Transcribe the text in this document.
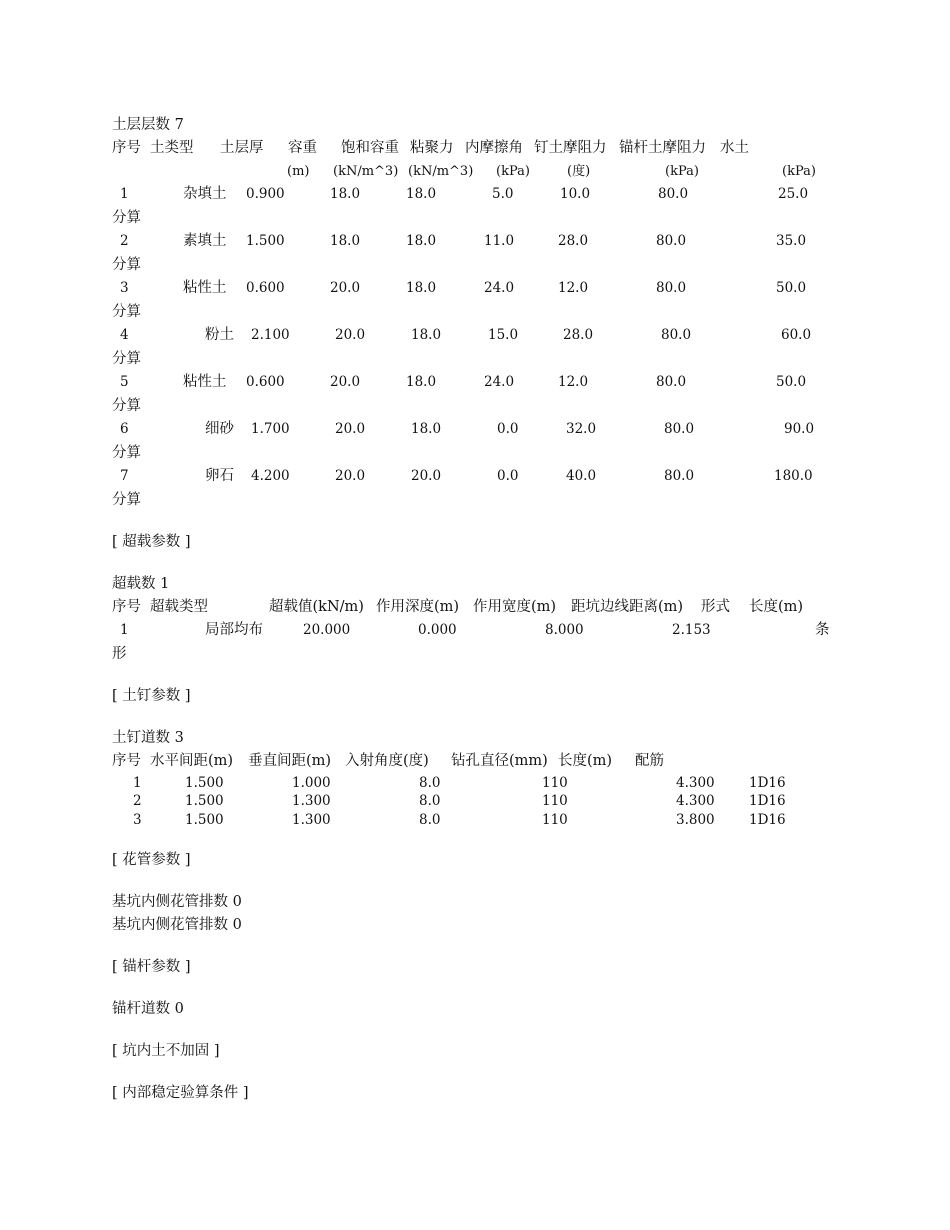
土层层数 7
序号 土类型 土层厚 容重 饱和容重 粘聚力 内摩擦角 钉土摩阻力 锚杆土摩阻力 水土
(m) (kN/m^3) (kN/m^3) (kPa)	(度)	(kPa)	(kPa)
1	杂填土 0.900	18.0	18.0	5.0	10.0	80.0	25.0
分算
2	素填土 1.500	18.0	18.0	11.0	28.0	80.0	35.0
分算
3	粘性土 0.600	20.0	18.0	24.0	12.0	80.0	50.0
分算
4	粉土 2.100	20.0	18.0	15.0	28.0	80.0	60.0
分算
5	粘性土 0.600	20.0	18.0	24.0	12.0	80.0	50.0
分算
6	细砂 1.700	20.0	18.0	0.0	32.0	80.0	90.0
分算
7	卵石 4.200	20.0	20.0	0.0	40.0	80.0	180.0
分算
[ 超载参数 ]
超载数 1
序号 超载类型	超载值(kN/m) 作用深度(m) 作用宽度(m) 距坑边线距离(m) 形式 长度(m)
1	局部均布	20.000	0.000	8.000	2.153	条
形
[ 土钉参数 ]
土钉道数 3
序号 水平间距(m) 垂直间距(m) 入射角度(度) 钻孔直径(mm) 长度(m) 配筋
1	1.500	1.000	8.0	110	4.300	1D16
2	1.500	1.300	8.0	110	4.300	1D16
3	1.500	1.300	8.0	110	3.800	1D16
[ 花管参数 ]
基坑内侧花管排数 0
基坑内侧花管排数 0
[ 锚杆参数 ]
锚杆道数 0
[ 坑内土不加固 ]
[ 内部稳定验算条件 ]
